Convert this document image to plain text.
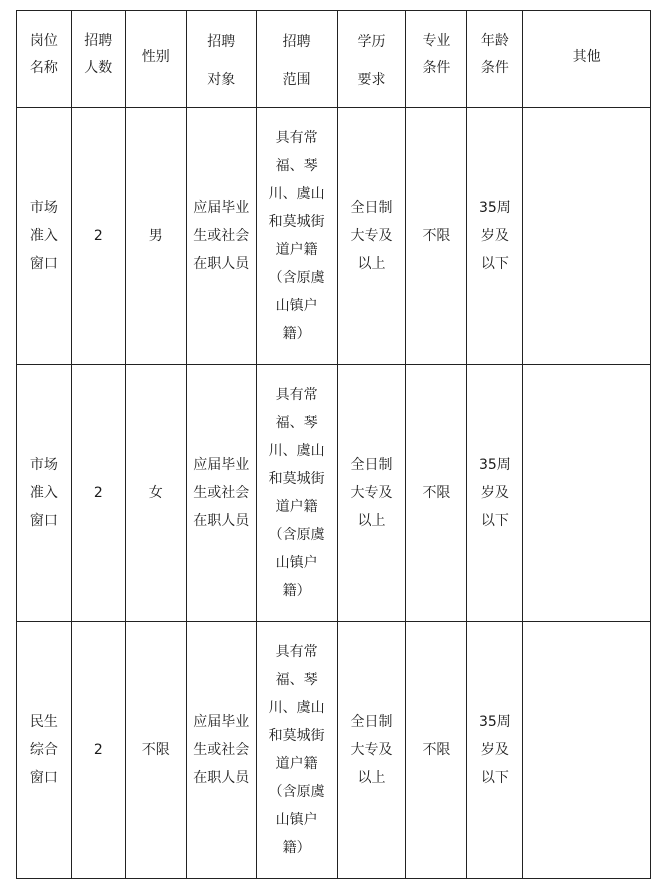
岗位名称	招聘人数	性别	招聘对象	招聘范围	学历要求	专业条件	年龄条件	其他

市场准入窗口	2	男	应届毕业生或社会在职人员	具有常福、琴川、虞山和莫城街道户籍（含原虞山镇户籍）	全日制大专及以上	不限	35周岁及以下	

市场准入窗口	2	女	应届毕业生或社会在职人员	具有常福、琴川、虞山和莫城街道户籍（含原虞山镇户籍）	全日制大专及以上	不限	35周岁及以下	

民生综合窗口	2	不限	应届毕业生或社会在职人员	具有常福、琴川、虞山和莫城街道户籍（含原虞山镇户籍）	全日制大专及以上	不限	35周岁及以下	
